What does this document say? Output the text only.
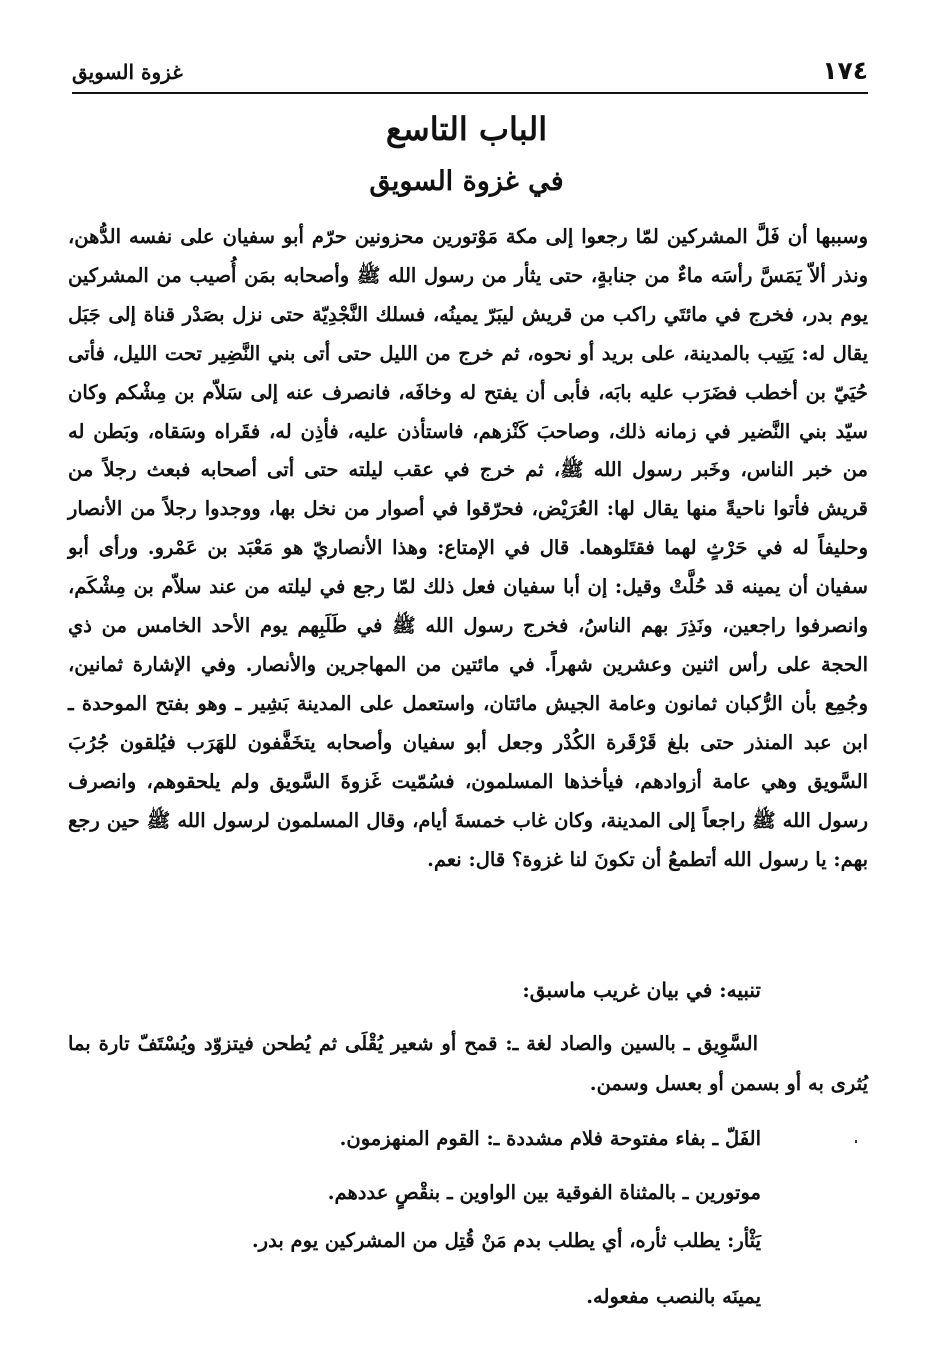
١٧٤
غزوة السويق
الباب التاسع
في غزوة السويق

وسببها أن فَلَّ المشركين لمّا رجعوا إلى مكة مَوْتورين محزونين حرّم أبو سفيان على نفسه الدُّهن، ونذر ألاّ يَمَسَّ رأسَه ماءٌ من جنابةٍ، حتى يثأر من رسول الله ﷺ وأصحابه بمَن أُصيب من المشركين يوم بدر، فخرج في مائتَي راكب من قريش ليبَرّ يمينُه، فسلك النَّجْدِيّة حتى نزل بصَدْر قناة إلى جَبَل يقال له: يَتِيب بالمدينة، على بريد أو نحوه، ثم خرج من الليل حتى أتى بني النَّضِير تحت الليل، فأتى حُيَيّ بن أخطب فضَرَب عليه بابَه، فأبى أن يفتح له وخافَه، فانصرف عنه إلى سَلاّم بن مِشْكم وكان سيّد بني النَّضير في زمانه ذلك، وصاحبَ كَنْزهم، فاستأذن عليه، فأذِن له، فقَراه وسَقاه، وبَطن له من خبر الناس، وخَبر رسول الله ﷺ، ثم خرج في عقب ليلته حتى أتى أصحابه فبعث رجلاً من قريش فأتوا ناحيةً منها يقال لها: العُرَيْض، فحرّقوا في أصوار من نخل بها، ووجدوا رجلاً من الأنصار وحليفاً له في حَرْثٍ لهما فقتَلوهما. قال في الإمتاع: وهذا الأنصاريّ هو مَعْبَد بن عَمْرو. ورأى أبو سفيان أن يمينه قد حُلَّتْ وقيل: إن أبا سفيان فعل ذلك لمّا رجع في ليلته من عند سلاّم بن مِشْكَم، وانصرفوا راجعين، ونَذِرَ بهم الناسُ، فخرج رسول الله ﷺ في طَلَبِهم يوم الأحد الخامس من ذي الحجة على رأس اثنين وعشرين شهراً. في مائتين من المهاجرين والأنصار. وفي الإشارة ثمانين، وجُمِع بأن الرُّكبان ثمانون وعامة الجيش مائتان، واستعمل على المدينة بَشِير ـ وهو بفتح الموحدة ـ ابن عبد المنذر حتى بلغ قَرْقَرة الكُدْر وجعل أبو سفيان وأصحابه يتخَفَّفون للهَرَب فيُلقون جُرُبَ السَّويق وهي عامة أزوادهم، فيأخذها المسلمون، فسُمّيت غَزوةَ السَّويق ولم يلحقوهم، وانصرف رسول الله ﷺ راجعاً إلى المدينة، وكان غاب خمسةَ أيام، وقال المسلمون لرسول الله ﷺ حين رجع بهم: يا رسول الله أتطمعُ أن تكونَ لنا غزوة؟ قال: نعم.

تنبيه: في بيان غريب ماسبق:

السَّوِيق ـ بالسين والصاد لغة ـ: قمح أو شعير يُقْلَى ثم يُطحن فيتزوّد ويُسْتَفّ تارة بما يُثرى به أو بسمن أو بعسل وسمن.

الفَلّ ـ بفاء مفتوحة فلام مشددة ـ: القوم المنهزمون.

موتورين ـ بالمثناة الفوقية بين الواوين ـ بنقْصٍ عددهم.

يَثْأر: يطلب ثأره، أي يطلب بدم مَنْ قُتِل من المشركين يوم بدر.

يمينَه بالنصب مفعوله.
